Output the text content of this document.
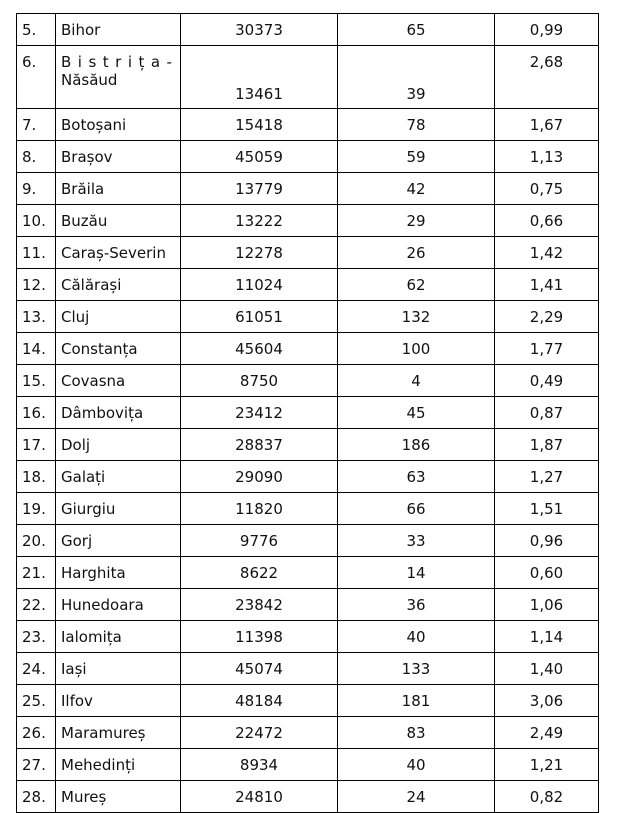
5.	Bihor	30373	65	0,99
6.	Bistrița-
Năsăud	13461	39	2,68
7.	Botoșani	15418	78	1,67
8.	Brașov	45059	59	1,13
9.	Brăila	13779	42	0,75
10.	Buzău	13222	29	0,66
11.	Caraș-Severin	12278	26	1,42
12.	Călărași	11024	62	1,41
13.	Cluj	61051	132	2,29
14.	Constanța	45604	100	1,77
15.	Covasna	8750	4	0,49
16.	Dâmbovița	23412	45	0,87
17.	Dolj	28837	186	1,87
18.	Galați	29090	63	1,27
19.	Giurgiu	11820	66	1,51
20.	Gorj	9776	33	0,96
21.	Harghita	8622	14	0,60
22.	Hunedoara	23842	36	1,06
23.	Ialomița	11398	40	1,14
24.	Iași	45074	133	1,40
25.	Ilfov	48184	181	3,06
26.	Maramureș	22472	83	2,49
27.	Mehedinți	8934	40	1,21
28.	Mureș	24810	24	0,82
